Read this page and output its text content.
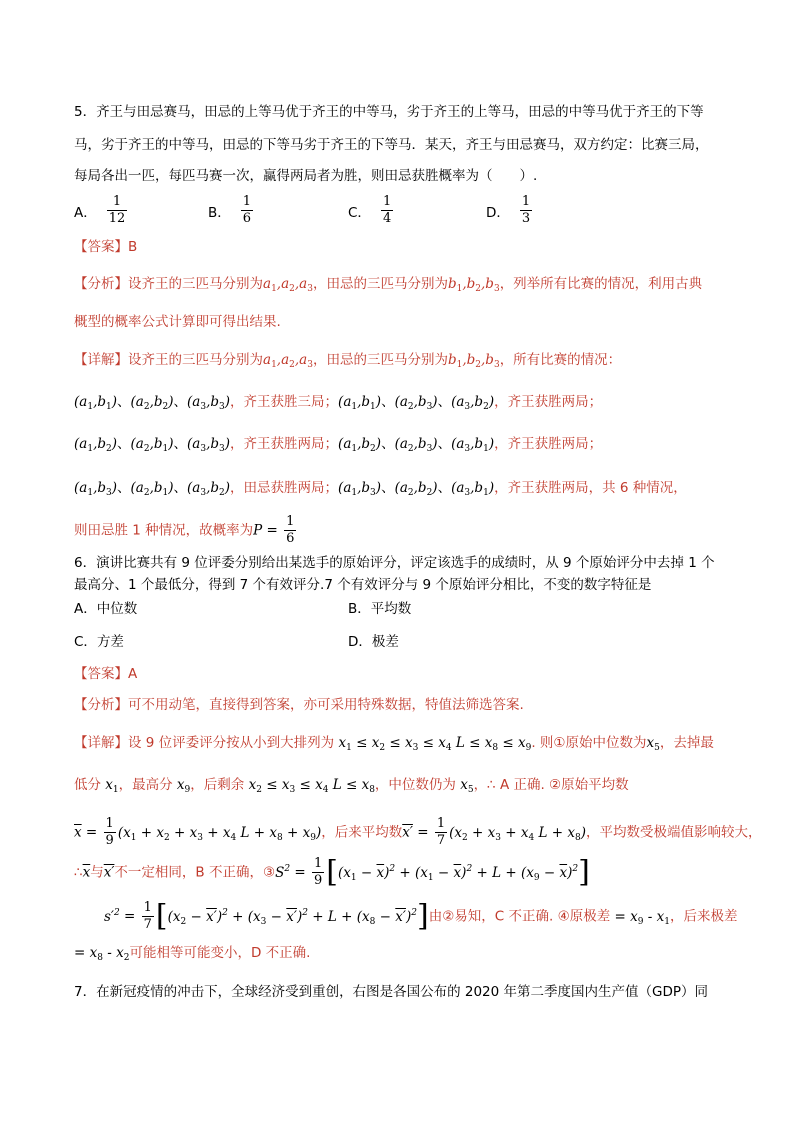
5．齐王与田忌赛马，田忌的上等马优于齐王的中等马，劣于齐王的上等马，田忌的中等马优于齐王的下等
马，劣于齐王的中等马，田忌的下等马劣于齐王的下等马．某天，齐王与田忌赛马，双方约定：比赛三局，
每局各出一匹，每匹马赛一次，赢得两局者为胜，则田忌获胜概率为（　　）.
A． $\frac{1}{12}$	B． $\frac{1}{6}$	C． $\frac{1}{4}$	D． $\frac{1}{3}$
【答案】B
【分析】设齐王的三匹马分别为$a_1,a_2,a_3$，田忌的三匹马分别为$b_1,b_2,b_3$，列举所有比赛的情况，利用古典
概型的概率公式计算即可得出结果.
【详解】设齐王的三匹马分别为$a_1,a_2,a_3$，田忌的三匹马分别为$b_1,b_2,b_3$，所有比赛的情况：
$(a_1,b_1)$、$(a_2,b_2)$、$(a_3,b_3)$，齐王获胜三局；$(a_1,b_1)$、$(a_2,b_3)$、$(a_3,b_2)$，齐王获胜两局；
$(a_1,b_2)$、$(a_2,b_1)$、$(a_3,b_3)$，齐王获胜两局；$(a_1,b_2)$、$(a_2,b_3)$、$(a_3,b_1)$，齐王获胜两局；
$(a_1,b_3)$、$(a_2,b_1)$、$(a_3,b_2)$，田忌获胜两局；$(a_1,b_3)$、$(a_2,b_2)$、$(a_3,b_1)$，齐王获胜两局，共 6 种情况，
则田忌胜 1 种情况，故概率为$P = \frac{1}{6}$
6．演讲比赛共有 9 位评委分别给出某选手的原始评分，评定该选手的成绩时，从 9 个原始评分中去掉 1 个
最高分、1 个最低分，得到 7 个有效评分.7 个有效评分与 9 个原始评分相比，不变的数字特征是
A．中位数	B．平均数
C．方差	D．极差
【答案】A
【分析】可不用动笔，直接得到答案，亦可采用特殊数据，特值法筛选答案.
【详解】设 9 位评委评分按从小到大排列为 $x_1 \le x_2 \le x_3 \le x_4$ $L \le x_8 \le x_9$. 则①原始中位数为$x_5$，去掉最
低分 $x_1$，最高分 $x_9$，后剩余 $x_2 \le x_3 \le x_4$ $L \le x_8$，中位数仍为 $x_5$，∴ A 正确. ②原始平均数
$\overline{x} = \frac{1}{9} (x_1 + x_2 + x_3 + x_4$ $L + x_8 + x_9$)，后来平均数$x' = \frac{1}{7} (x_2 + x_3 + x_4$ $L + x_8$)，平均数受极端值影响较大，
$\therefore\overline{x}$与x′不一定相同，B 不正确，$③S^2 = \frac{1}{9} [(x_1 - \overline{x})^2 + (x_1 - \overline{x})^2 + L + (x_9 - \overline{x})^2]$
$s'^2 = \frac{1}{7} [(x_2 - x')^2 + (x_3 - x')^2 + L + (x_8 - x')^2]$由②易知，C 不正确. ④原极差 = $x_9 - x_1$，后来极差
= $x_8 - x_2$可能相等可能变小，D 不正确.
7．在新冠疫情的冲击下，全球经济受到重创，右图是各国公布的 2020 年第二季度国内生产值（GDP）同
